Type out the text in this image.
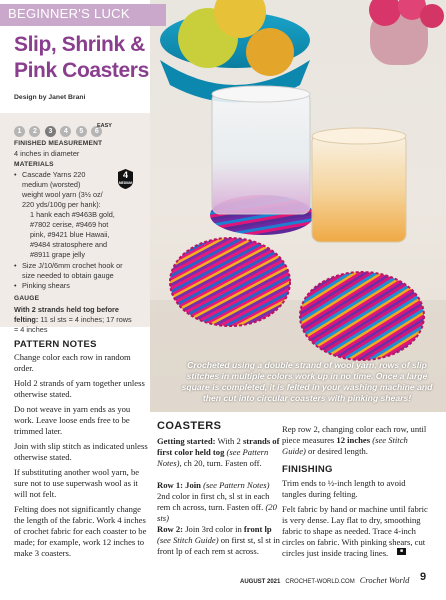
Crocheted using a double strand of wool yarn, rows of slip stitches in multiple colors work up in no time. Once a large square is completed, it is felted in your washing machine and then cut into circular coasters with pinking shears!
BEGINNER'S LUCK
Slip, Shrink &
Pink Coasters
Design by Janet Brani
1 2 3 4 5 6
EASY
FINISHED MEASUREMENT
4 inches in diameter
MATERIALS
• Cascade Yarns 220
medium (worsted)
weight wool yarn (3½ oz/
220 yds/100g per hank):
1 hank each #9463B gold,
#7802 cerise, #9469 hot
pink, #9421 blue Hawaii,
#9484 stratosphere and
#8911 grape jelly
4
MEDIUM
• Size J/10/6mm crochet hook or
size needed to obtain gauge
• Pinking shears
GAUGE
With 2 strands held tog before
felting: 11 sl sts = 4 inches; 17 rows
= 4 inches
PATTERN NOTES

Change color each row in random order.

Hold 2 strands of yarn together unless otherwise stated.

Do not weave in yarn ends as you work. Leave loose ends free to be trimmed later.

Join with slip stitch as indicated unless otherwise stated.

If substituting another wool yarn, be sure not to use superwash wool as it will not felt.

Felting does not significantly change the length of the fabric. Work 4 inches of crochet fabric for each coaster to be made; for example, work 12 inches to make 3 coasters.

COASTERS

Getting started: With 2 strands of first color held tog (see Pattern Notes), ch 20, turn. Fasten off.

Row 1: Join (see Pattern Notes) 2nd color in first ch, sl st in each rem ch across, turn. Fasten off. (20 sts)

Row 2: Join 3rd color in front lp (see Stitch Guide) on first st, sl st in front lp of each rem st across.

Rep row 2, changing color each row, until piece measures 12 inches (see Stitch Guide) or desired length.

FINISHING

Trim ends to ½-inch length to avoid tangles during felting.

Felt fabric by hand or machine until fabric is very dense. Lay flat to dry, smoothing fabric to shape as needed. Trace 4-inch circles on fabric. With pinking shears, cut circles just inside tracing lines.	■
AUGUST 2021 CROCHET-WORLD.COM Crochet World 9
